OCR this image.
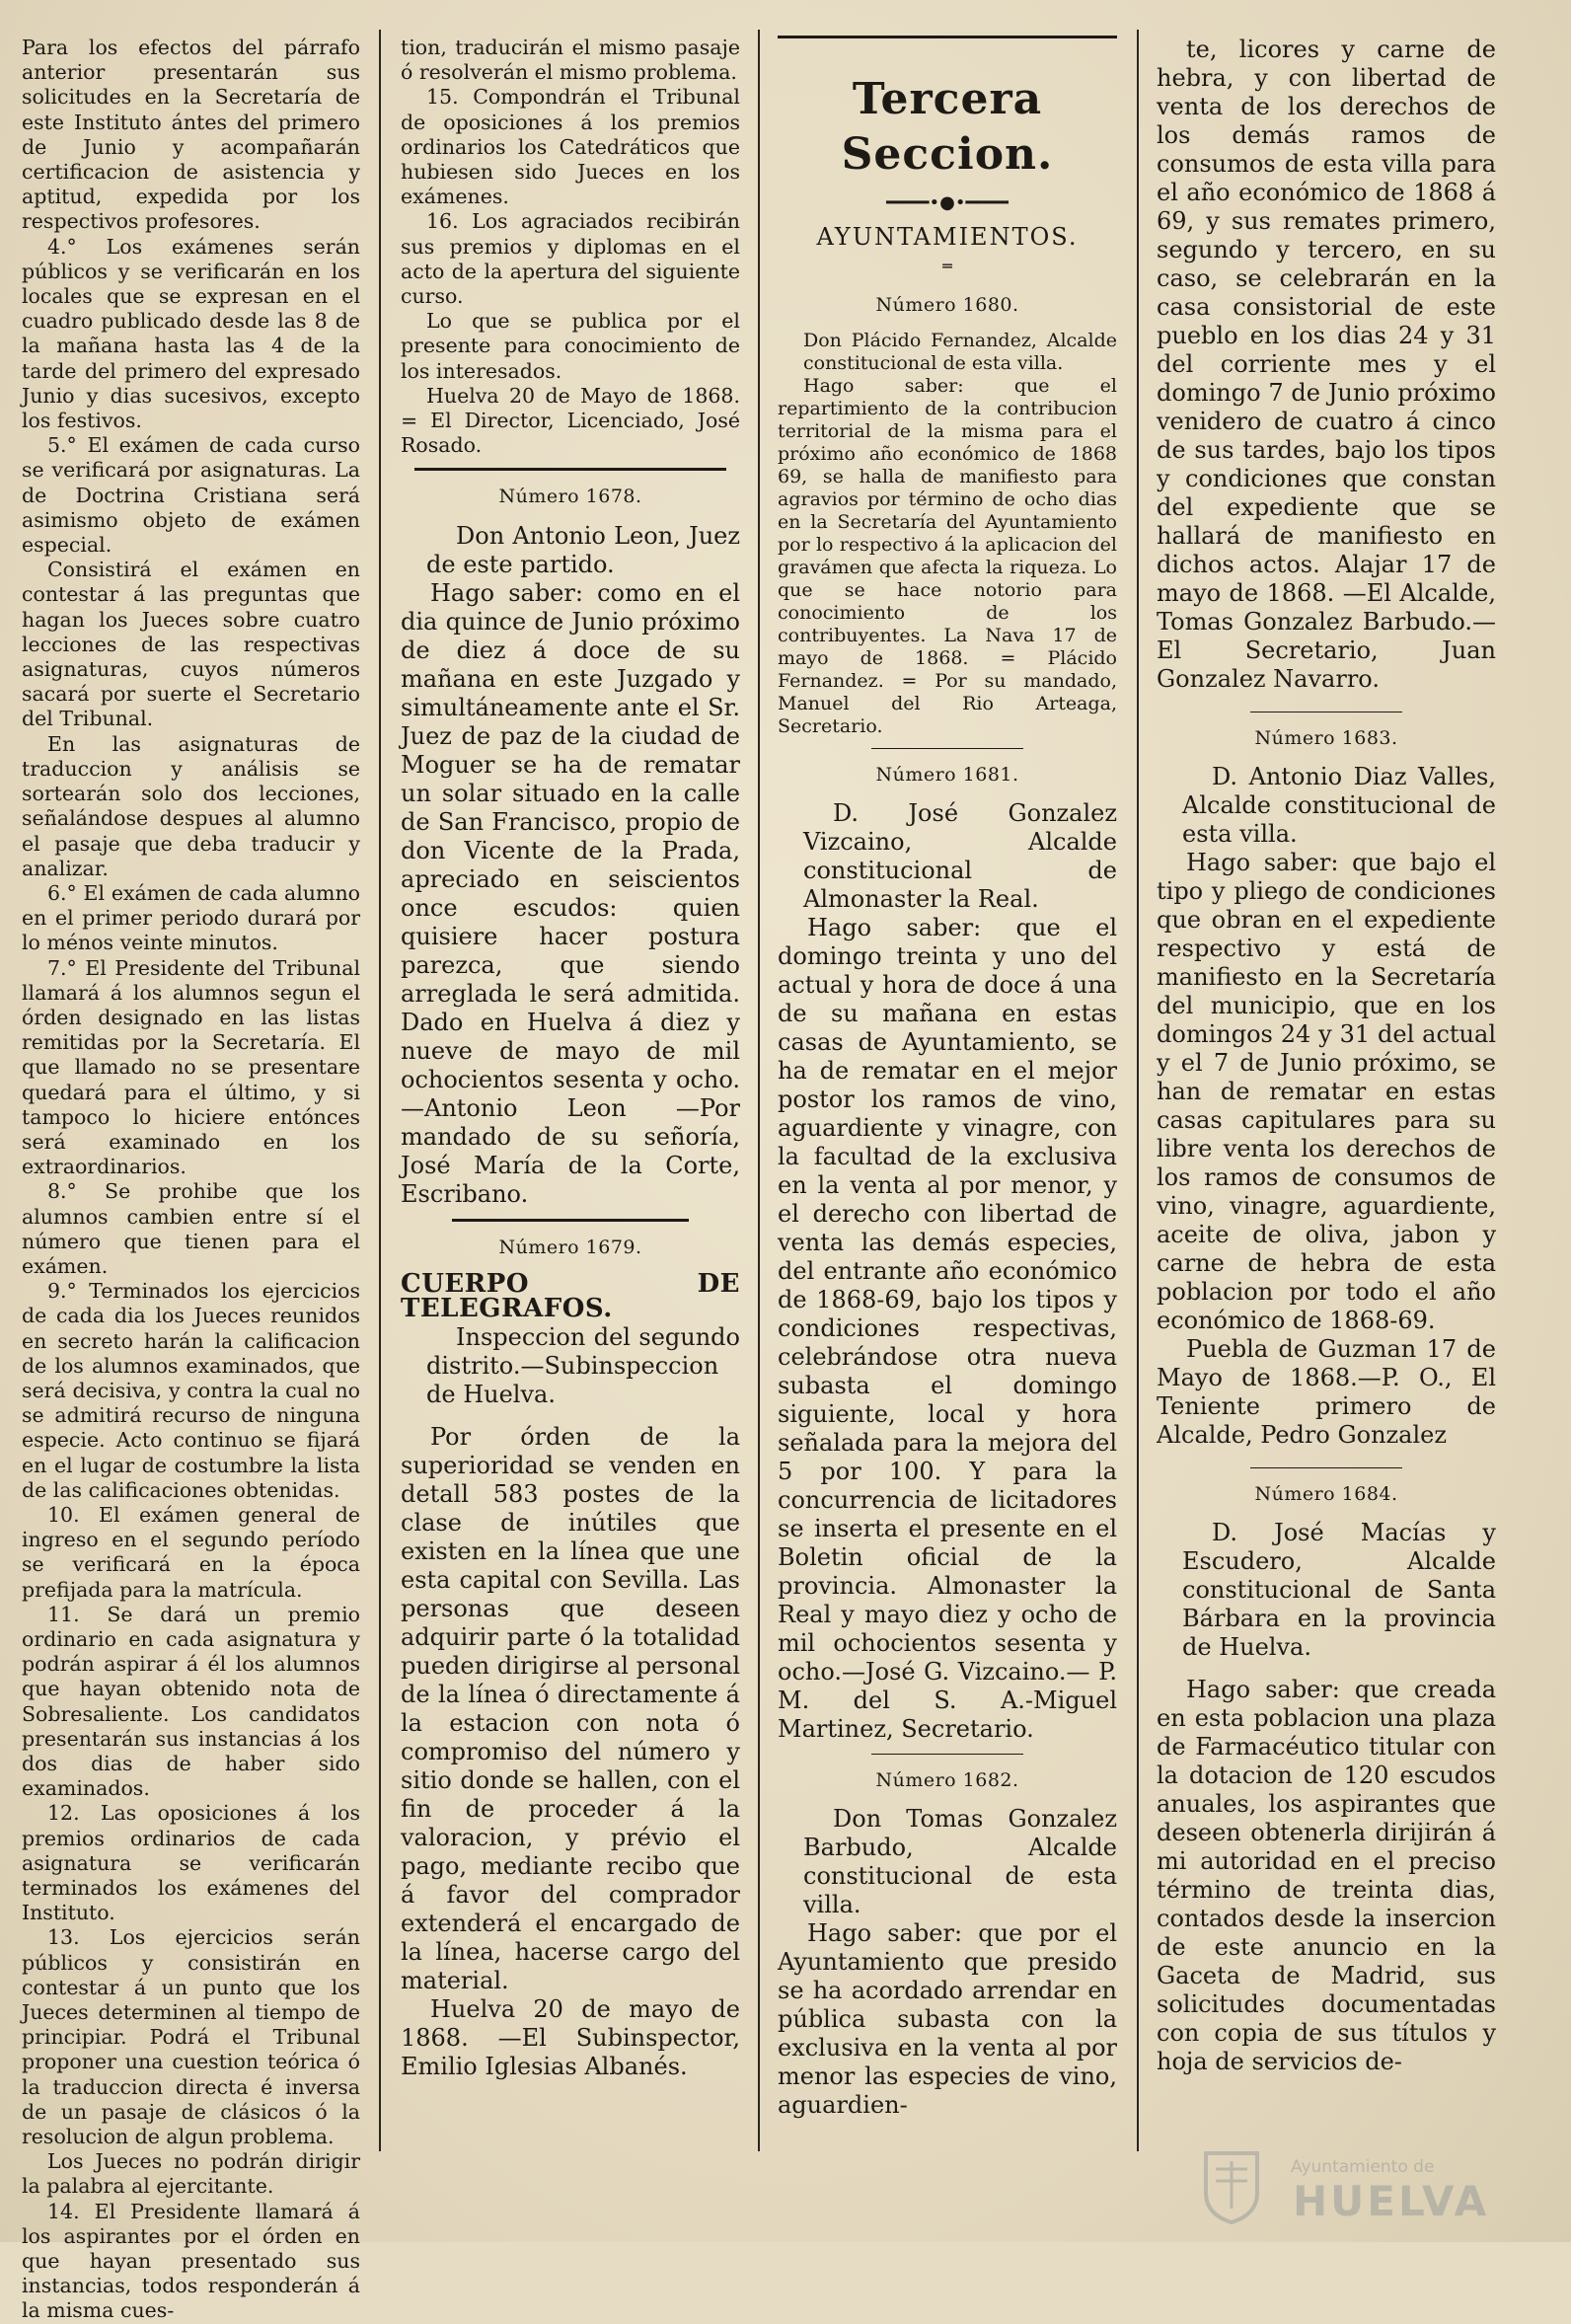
Para los efectos del párrafo anterior presentarán sus solicitudes en la Secretaría de este Instituto ántes del primero de Junio y acompañarán certificacion de asistencia y aptitud, expedida por los respectivos profesores.

4.° Los exámenes serán públicos y se verificarán en los locales que se expresan en el cuadro publicado desde las 8 de la mañana hasta las 4 de la tarde del primero del expresado Junio y dias sucesivos, excepto los festivos.

5.° El exámen de cada curso se verificará por asignaturas. La de Doctrina Cristiana será asimismo objeto de exámen especial.

Consistirá el exámen en contestar á las preguntas que hagan los Jueces sobre cuatro lecciones de las respectivas asignaturas, cuyos números sacará por suerte el Secretario del Tribunal.

En las asignaturas de traduccion y análisis se sortearán solo dos lecciones, señalándose despues al alumno el pasaje que deba traducir y analizar.

6.° El exámen de cada alumno en el primer periodo durará por lo ménos veinte minutos.

7.° El Presidente del Tribunal llamará á los alumnos segun el órden designado en las listas remitidas por la Secretaría. El que llamado no se presentare quedará para el último, y si tampoco lo hiciere entónces será examinado en los extraordinarios.

8.° Se prohibe que los alumnos cambien entre sí el número que tienen para el exámen.

9.° Terminados los ejercicios de cada dia los Jueces reunidos en secreto harán la calificacion de los alumnos examinados, que será decisiva, y contra la cual no se admitirá recurso de ninguna especie. Acto continuo se fijará en el lugar de costumbre la lista de las calificaciones obtenidas.

10. El exámen general de ingreso en el segundo período se verificará en la época prefijada para la matrícula.

11. Se dará un premio ordinario en cada asignatura y podrán aspirar á él los alumnos que hayan obtenido nota de Sobresaliente. Los candidatos presentarán sus instancias á los dos dias de haber sido examinados.

12. Las oposiciones á los premios ordinarios de cada asignatura se verificarán terminados los exámenes del Instituto.

13. Los ejercicios serán públicos y consistirán en contestar á un punto que los Jueces determinen al tiempo de principiar. Podrá el Tribunal proponer una cuestion teórica ó la traduccion directa é inversa de un pasaje de clásicos ó la resolucion de algun problema.

Los Jueces no podrán dirigir la palabra al ejercitante.

14. El Presidente llamará á los aspirantes por el órden en que hayan presentado sus instancias, todos responderán á la misma cues-

tion, traducirán el mismo pasaje ó resolverán el mismo problema.

15. Compondrán el Tribunal de oposiciones á los premios ordinarios los Catedráticos que hubiesen sido Jueces en los exámenes.

16. Los agraciados recibirán sus premios y diplomas en el acto de la apertura del siguiente curso.

Lo que se publica por el presente para conocimiento de los interesados.

Huelva 20 de Mayo de 1868. = El Director, Licenciado, José Rosado.

Número 1678.

Don Antonio Leon, Juez de este partido.

Hago saber: como en el dia quince de Junio próximo de diez á doce de su mañana en este Juzgado y simultáneamente ante el Sr. Juez de paz de la ciudad de Moguer se ha de rematar un solar situado en la calle de San Francisco, propio de don Vicente de la Prada, apreciado en seiscientos once escudos: quien quisiere hacer postura parezca, que siendo arreglada le será admitida. Dado en Huelva á diez y nueve de mayo de mil ochocientos sesenta y ocho. —Antonio Leon —Por mandado de su señoría, José María de la Corte, Escribano.

Número 1679.
CUERPO DE TELEGRAFOS.

Inspeccion del segundo distrito.—Subinspeccion de Huelva.

Por órden de la superioridad se venden en detall 583 postes de la clase de inútiles que existen en la línea que une esta capital con Sevilla. Las personas que deseen adquirir parte ó la totalidad pueden dirigirse al personal de la línea ó directamente á la estacion con nota ó compromiso del número y sitio donde se hallen, con el fin de proceder á la valoracion, y prévio el pago, mediante recibo que á favor del comprador extenderá el encargado de la línea, hacerse cargo del material.

Huelva 20 de mayo de 1868. —El Subinspector, Emilio Iglesias Albanés.

Tercera Seccion.
━━━━•●•━━━━
AYUNTAMIENTOS.
═
Número 1680.

Don Plácido Fernandez, Alcalde constitucional de esta villa.

Hago saber: que el repartimiento de la contribucion territorial de la misma para el próximo año económico de 1868 69, se halla de manifiesto para agravios por término de ocho dias en la Secretaría del Ayuntamiento por lo respectivo á la aplicacion del gravámen que afecta la riqueza. Lo que se hace notorio para conocimiento de los contribuyentes. La Nava 17 de mayo de 1868. = Plácido Fernandez. = Por su mandado, Manuel del Rio Arteaga, Secretario.

Número 1681.

D. José Gonzalez Vizcaino, Alcalde constitucional de Almonaster la Real.

Hago saber: que el domingo treinta y uno del actual y hora de doce á una de su mañana en estas casas de Ayuntamiento, se ha de rematar en el mejor postor los ramos de vino, aguardiente y vinagre, con la facultad de la exclusiva en la venta al por menor, y el derecho con libertad de venta las demás especies, del entrante año económico de 1868-69, bajo los tipos y condiciones respectivas, celebrándose otra nueva subasta el domingo siguiente, local y hora señalada para la mejora del 5 por 100. Y para la concurrencia de licitadores se inserta el presente en el Boletin oficial de la provincia. Almonaster la Real y mayo diez y ocho de mil ochocientos sesenta y ocho.—José G. Vizcaino.— P. M. del S. A.-Miguel Martinez, Secretario.

Número 1682.

Don Tomas Gonzalez Barbudo, Alcalde constitucional de esta villa.

Hago saber: que por el Ayuntamiento que presido se ha acordado arrendar en pública subasta con la exclusiva en la venta al por menor las especies de vino, aguardien-

te, licores y carne de hebra, y con libertad de venta de los derechos de los demás ramos de consumos de esta villa para el año económico de 1868 á 69, y sus remates primero, segundo y tercero, en su caso, se celebrarán en la casa consistorial de este pueblo en los dias 24 y 31 del corriente mes y el domingo 7 de Junio próximo venidero de cuatro á cinco de sus tardes, bajo los tipos y condiciones que constan del expediente que se hallará de manifiesto en dichos actos. Alajar 17 de mayo de 1868. —El Alcalde, Tomas Gonzalez Barbudo.—El Secretario, Juan Gonzalez Navarro.

Número 1683.

D. Antonio Diaz Valles, Alcalde constitucional de esta villa.

Hago saber: que bajo el tipo y pliego de condiciones que obran en el expediente respectivo y está de manifiesto en la Secretaría del municipio, que en los domingos 24 y 31 del actual y el 7 de Junio próximo, se han de rematar en estas casas capitulares para su libre venta los derechos de los ramos de consumos de vino, vinagre, aguardiente, aceite de oliva, jabon y carne de hebra de esta poblacion por todo el año económico de 1868-69.

Puebla de Guzman 17 de Mayo de 1868.—P. O., El Teniente primero de Alcalde, Pedro Gonzalez

Número 1684.

D. José Macías y Escudero, Alcalde constitucional de Santa Bárbara en la provincia de Huelva.

Hago saber: que creada en esta poblacion una plaza de Farmacéutico titular con la dotacion de 120 escudos anuales, los aspirantes que deseen obtenerla dirijirán á mi autoridad en el preciso término de treinta dias, contados desde la insercion de este anuncio en la Gaceta de Madrid, sus solicitudes documentadas con copia de sus títulos y hoja de servicios de-

Ayuntamiento de
HUELVA
